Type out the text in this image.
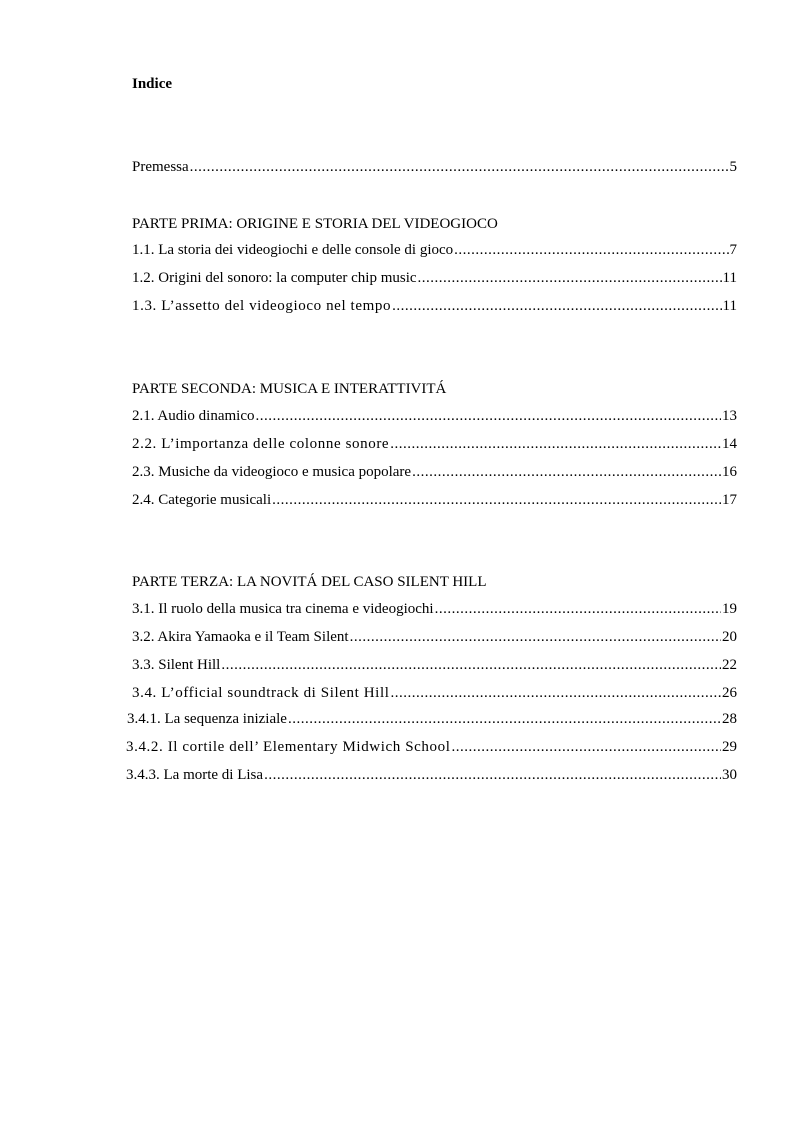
Indice
Premessa .....	5
PARTE PRIMA: ORIGINE E STORIA DEL VIDEOGIOCO
1.1. La storia dei videogiochi e delle console di gioco .....	7
1.2. Origini del sonoro: la computer chip music .....	11
1.3. L’assetto del videogioco nel tempo .....	11
PARTE SECONDA: MUSICA E INTERATTIVITÁ
2.1. Audio dinamico .....	13
2.2. L’importanza delle colonne sonore .....	14
2.3. Musiche da videogioco e musica popolare .....	16
2.4. Categorie musicali .....	17
PARTE TERZA: LA NOVITÁ DEL CASO SILENT HILL
3.1. Il ruolo della musica tra cinema e videogiochi .....	19
3.2. Akira Yamaoka e il Team Silent .....	20
3.3. Silent Hill .....	22
3.4. L’official soundtrack di Silent Hill .....	26
3.4.1. La sequenza iniziale .....	28
3.4.2. Il cortile dell’ Elementary Midwich School .....	29
3.4.3. La morte di Lisa .....	30
